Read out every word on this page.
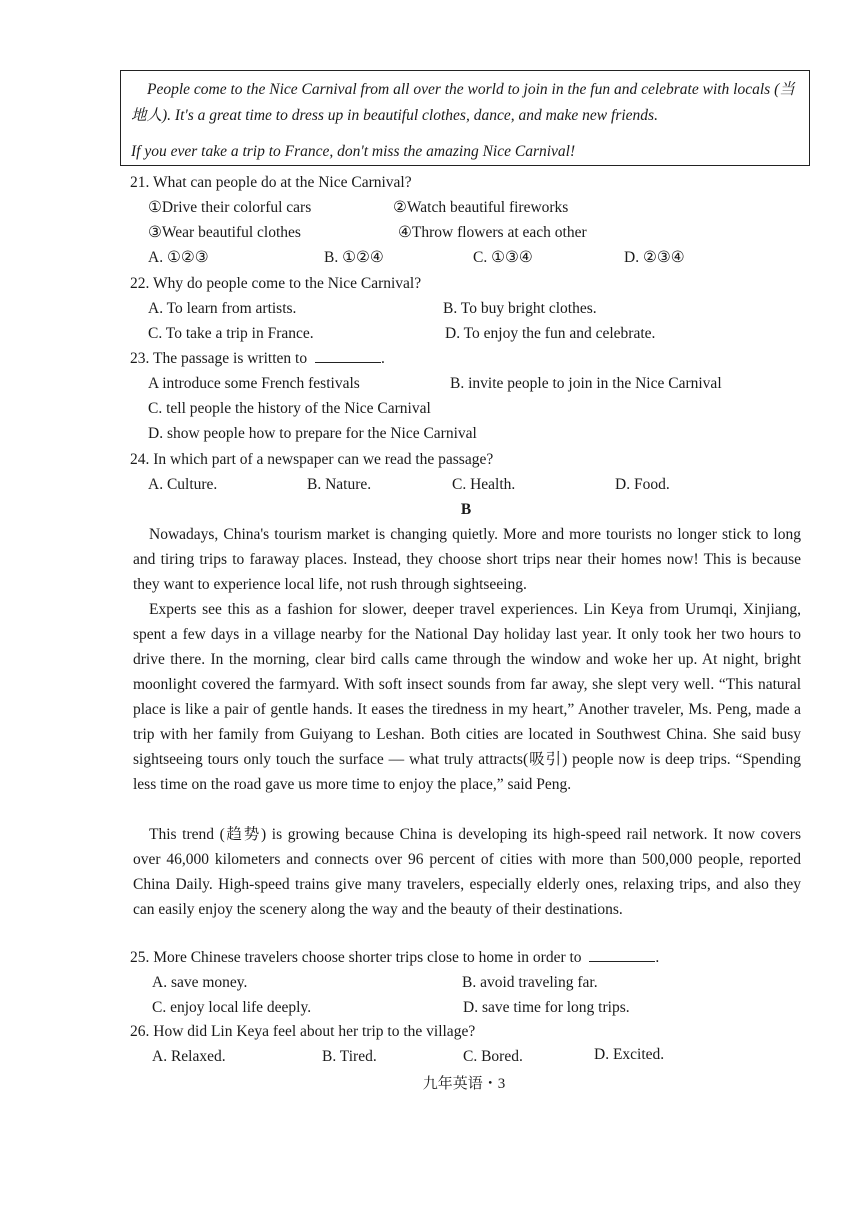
People come to the Nice Carnival from all over the world to join in the fun and celebrate with locals (当地人). It's a great time to dress up in beautiful clothes, dance, and make new friends.

If you ever take a trip to France, don't miss the amazing Nice Carnival!

21. What can people do at the Nice Carnival?
①Drive their colorful cars	②Watch beautiful fireworks
③Wear beautiful clothes	④Throw flowers at each other
A. ①②③	B. ①②④	C. ①③④	D. ②③④
22. Why do people come to the Nice Carnival?
A. To learn from artists.	B. To buy bright clothes.
C. To take a trip in France.	D. To enjoy the fun and celebrate.
23. The passage is written to	.
A introduce some French festivals	B. invite people to join in the Nice Carnival
C. tell people the history of the Nice Carnival
D. show people how to prepare for the Nice Carnival
24. In which part of a newspaper can we read the passage?
A. Culture.	B. Nature.	C. Health.	D. Food.
B
Nowadays, China's tourism market is changing quietly. More and more tourists no longer stick to long and tiring trips to faraway places. Instead, they choose short trips near their homes now! This is because they want to experience local life, not rush through sightseeing.
Experts see this as a fashion for slower, deeper travel experiences. Lin Keya from Urumqi, Xinjiang, spent a few days in a village nearby for the National Day holiday last year. It only took her two hours to drive there. In the morning, clear bird calls came through the window and woke her up. At night, bright moonlight covered the farmyard. With soft insect sounds from far away, she slept very well. “This natural place is like a pair of gentle hands. It eases the tiredness in my heart,” Another traveler, Ms. Peng, made a trip with her family from Guiyang to Leshan. Both cities are located in Southwest China. She said busy sightseeing tours only touch the surface — what truly attracts(吸引) people now is deep trips. “Spending less time on the road gave us more time to enjoy the place,” said Peng.
This trend (趋势) is growing because China is developing its high-speed rail network. It now covers over 46,000 kilometers and connects over 96 percent of cities with more than 500,000 people, reported China Daily. High-speed trains give many travelers, especially elderly ones, relaxing trips, and also they can easily enjoy the scenery along the way and the beauty of their destinations.
25. More Chinese travelers choose shorter trips close to home in order to	.
A. save money.	B. avoid traveling far.
C. enjoy local life deeply.	D. save time for long trips.
26. How did Lin Keya feel about her trip to the village?
A. Relaxed.	B. Tired.	C. Bored.	D. Excited.
九年英语・3
